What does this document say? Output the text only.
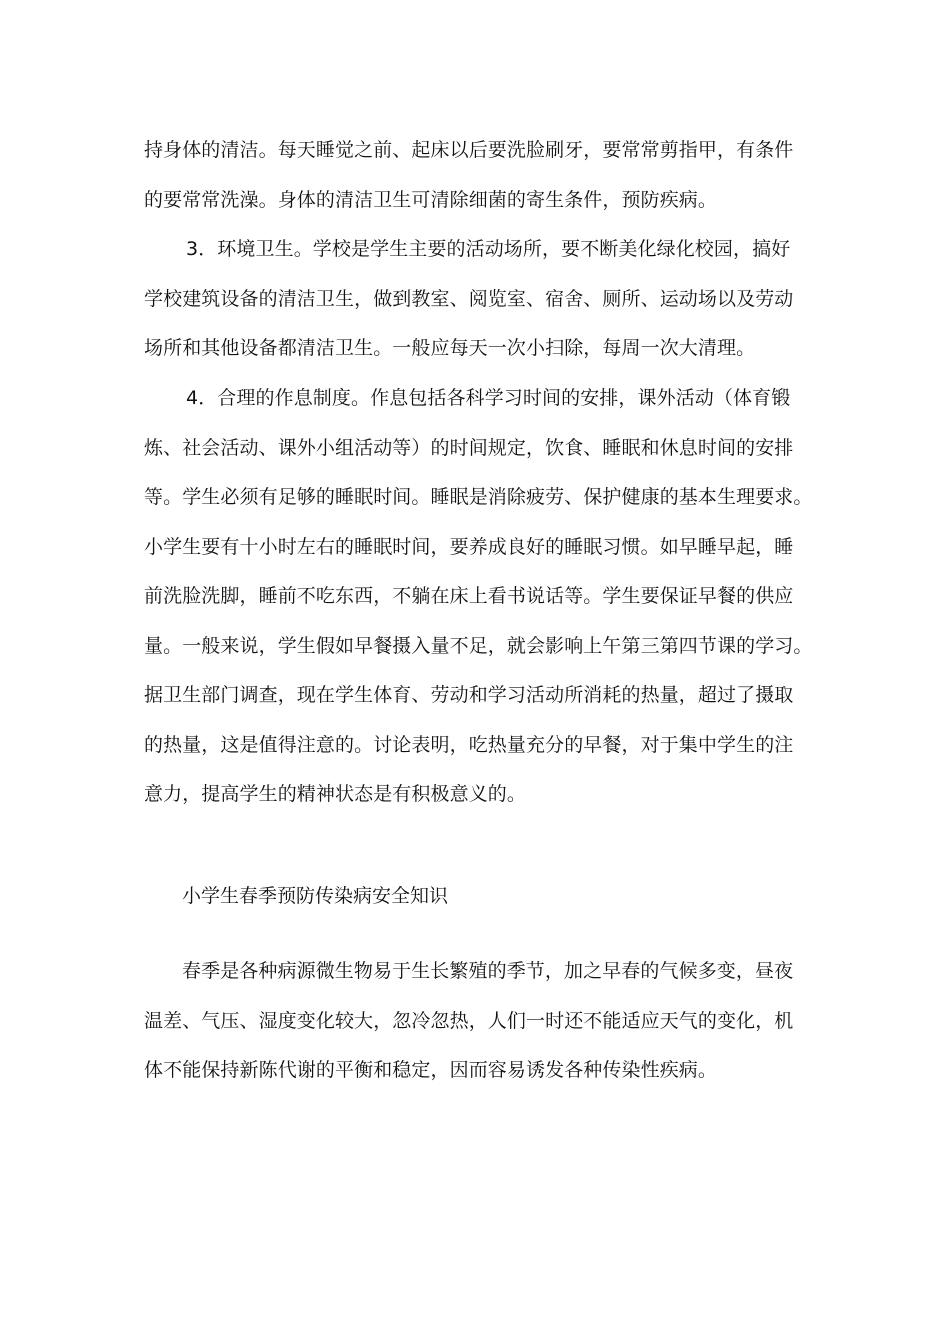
持身体的清洁。每天睡觉之前、起床以后要洗脸刷牙，要常常剪指甲，有条件
的要常常洗澡。身体的清洁卫生可清除细菌的寄生条件，预防疾病。
3．环境卫生。学校是学生主要的活动场所，要不断美化绿化校园，搞好
学校建筑设备的清洁卫生，做到教室、阅览室、宿舍、厕所、运动场以及劳动
场所和其他设备都清洁卫生。一般应每天一次小扫除，每周一次大清理。
4．合理的作息制度。作息包括各科学习时间的安排，课外活动（体育锻
炼、社会活动、课外小组活动等）的时间规定，饮食、睡眠和休息时间的安排
等。学生必须有足够的睡眠时间。睡眠是消除疲劳、保护健康的基本生理要求。
小学生要有十小时左右的睡眠时间，要养成良好的睡眠习惯。如早睡早起，睡
前洗脸洗脚，睡前不吃东西，不躺在床上看书说话等。学生要保证早餐的供应
量。一般来说，学生假如早餐摄入量不足，就会影响上午第三第四节课的学习。
据卫生部门调查，现在学生体育、劳动和学习活动所消耗的热量，超过了摄取
的热量，这是值得注意的。讨论表明，吃热量充分的早餐，对于集中学生的注
意力，提高学生的精神状态是有积极意义的。
小学生春季预防传染病安全知识
春季是各种病源微生物易于生长繁殖的季节，加之早春的气候多变，昼夜
温差、气压、湿度变化较大，忽冷忽热，人们一时还不能适应天气的变化，机
体不能保持新陈代谢的平衡和稳定，因而容易诱发各种传染性疾病。
